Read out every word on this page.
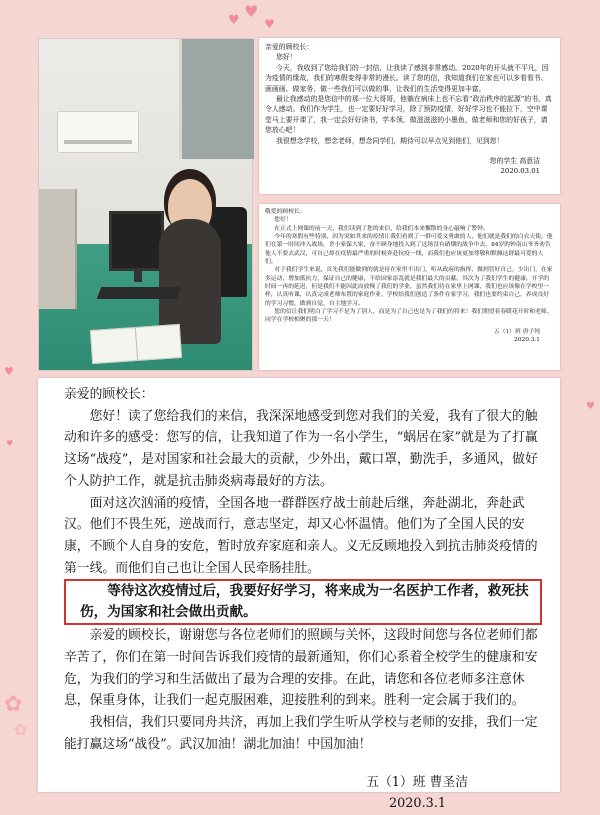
♥ ♥
♥
♥
♥
♥
✿
✿

亲爱的顾校长：

您好！

今天，我收到了您给我们的一封信，让我读了感到非常感动。2020年的开头就不平凡，因为疫情的缘故，我们的寒假变得非常的漫长。读了您的信，我知道我们在家也可以多看看书、画画画、做家务，做一些我们可以做的事，让我们的生活变得更加丰富。

最让我感动的是您信中的那一位大哥哥，他躺在病床上也不忘看“政治秩序的起源”的书，真令人感动。我们作为学生，也一定要好好学习，除了预防疫情，好好学习也不能拉下，空中课堂马上要开课了，我一定会好好读书，学本领，做滋滋滋的小墨鱼，做老师和您的好孩子，请您放心吧！

我很想念学校，想念老师，想念同学们，期待可以早点见到他们，见到您！

您的学生 高意洁

2020.03.01

敬爱的顾校长：

您好！

在正式上网课的前一天，我们读到了您的来信，给我们本来懈散的身心敲响了警钟。

今年的寒假有些特别，因为突如其来的疫情让我们看到了一群可爱又勇敢的人，他们就是我们的白衣天使。他们在第一时间冲入战场，舍小家保大家，奋不顾身地投入到了这场没有硝烟的战争中去。84岁的钟南山爷爷劝告他人不要去武汉，可自己却在疫情最严重的时候奔赴抗疫一线，而我们也应该更加尊敬和默佩这群最可爱的人们。

对于我们学生来说，首先我们能做到的就是待在家里不出门，听从政府的指挥，做到管好自己，少出门，在家多运动，增加抵抗力，保证自己的健康，不给国家添乱就是我们最大的贡献。其次为了我们学生的健康，开学的时间一再的延迟，但是我们不能因此而放慢了我们的学业，虽然我们待在家里上网课，我们也应该像在学校里一样，认真听课，认真完成老师布置的家庭作业，学校给我们创造了条件在家学习，我们也要约束自己，养成良好的学习习惯，做到自觉，自主地学习。

您的信让我们明白了学习不是为了别人，而是为了自己也是为了我们的将来！我们期望着春暖花开时和老师、同学在学校相聚的那一天！

五（1）班 唐子纯

2020.3.1

亲爱的顾校长：

您好！读了您给我们的来信，我深深地感受到您对我们的关爱，我有了很大的触动和许多的感受：您写的信，让我知道了作为一名小学生，“蜗居在家”就是为了打赢这场“战疫”，是对国家和社会最大的贡献，少外出，戴口罩，勤洗手，多通风，做好个人防护工作，就是抗击肺炎病毒最好的方法。

面对这次汹涌的疫情，全国各地一群群医疗战士前赴后继，奔赴湖北，奔赴武汉。他们不畏生死，逆战而行，意志坚定，却又心怀温情。他们为了全国人民的安康，不顾个人自身的安危，暂时放弃家庭和亲人。义无反顾地投入到抗击肺炎疫情的第一线。而他们自己也让全国人民牵肠挂肚。

等待这次疫情过后，我要好好学习，将来成为一名医护工作者，救死扶伤，为国家和社会做出贡献。

亲爱的顾校长，谢谢您与各位老师们的照顾与关怀，这段时间您与各位老师们都辛苦了，你们在第一时间告诉我们疫情的最新通知，你们心系着全校学生的健康和安危，为我们的学习和生活做出了最为合理的安排。在此，请您和各位老师多注意休息，保重身体，让我们一起克服困难，迎接胜利的到来。胜利一定会属于我们的。

我相信，我们只要同舟共济，再加上我们学生听从学校与老师的安排，我们一定能打赢这场“战役”。武汉加油！湖北加油！中国加油！

五（1）班 曹圣洁

2020.3.1
